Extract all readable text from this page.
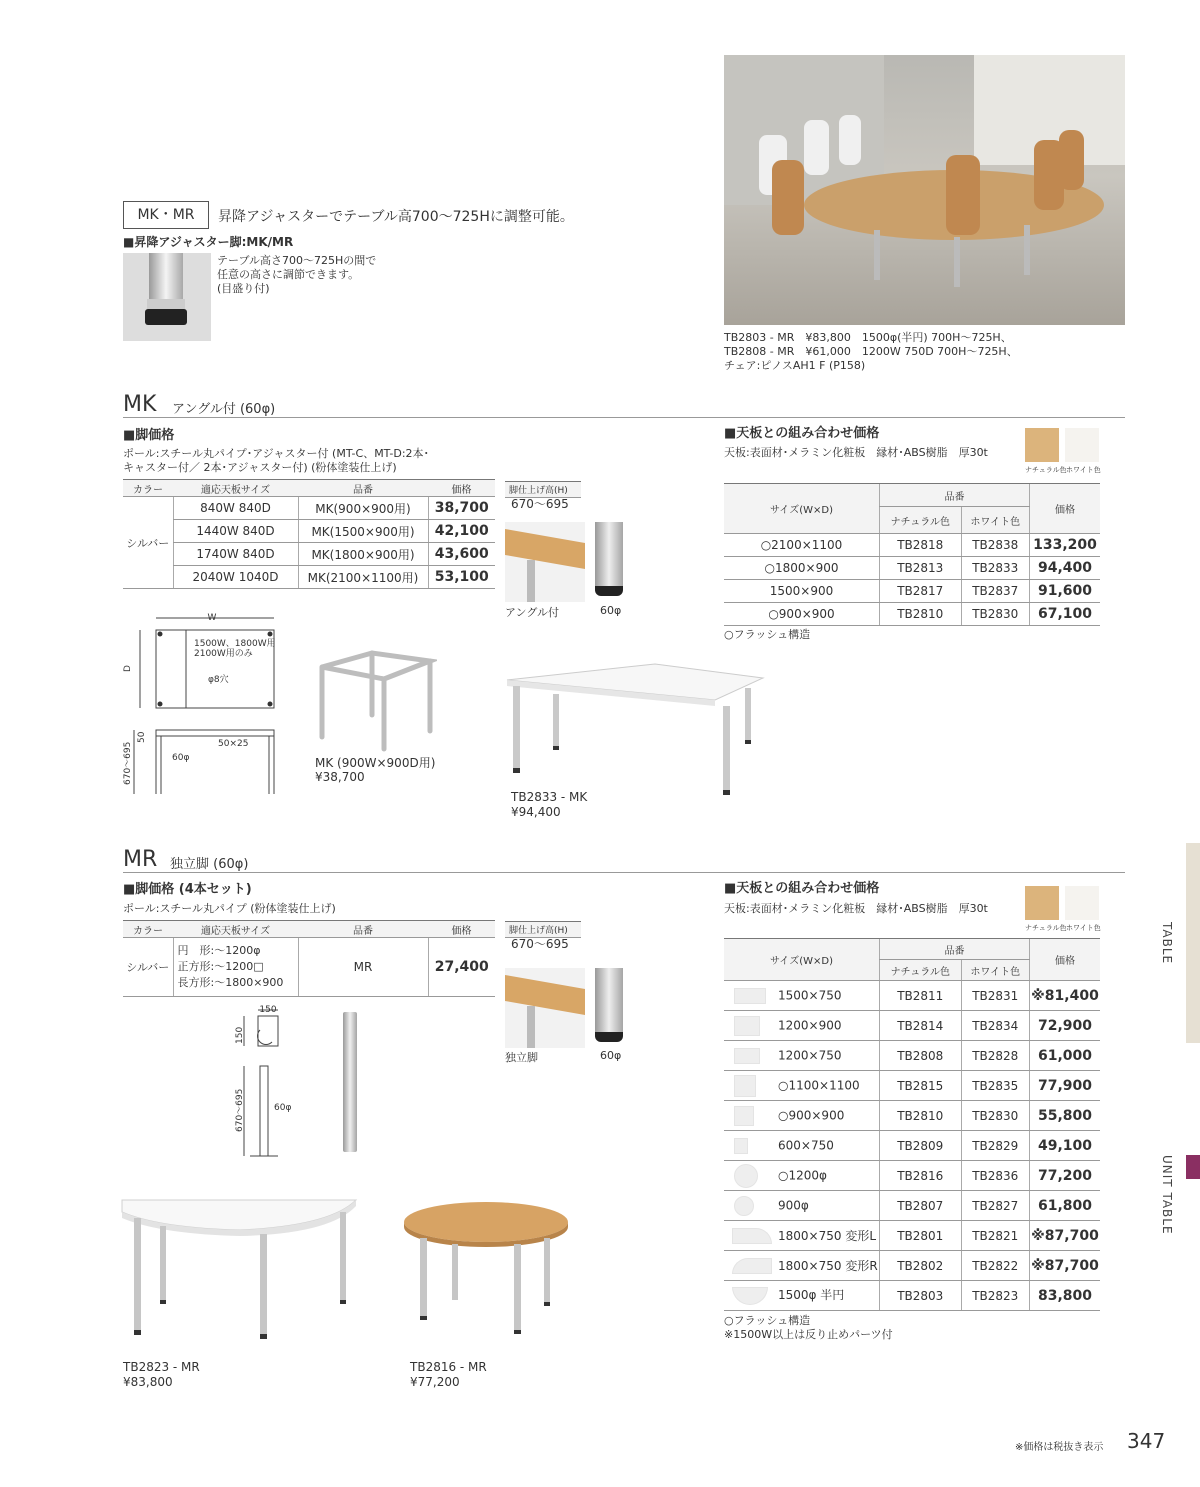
MK・MR	昇降アジャスターでテーブル高700～725Hに調整可能。
■昇降アジャスター脚:MK/MR
テーブル高さ700～725Hの間で
任意の高さに調節できます。
(目盛り付)
TB2803 - MR　¥83,800　1500φ(半円) 700H～725H、
TB2808 - MR　¥61,000　1200W 750D 700H～725H、
チェア:ピノスAH1 F (P158)
MK アングル付 (60φ)
■脚価格
ポール:スチール丸パイプ･アジャスター付 (MT-C、MT-D:2本･
キャスター付／ 2本･アジャスター付) (粉体塗装仕上げ)
カラー	適応天板サイズ	品番	価格
シルバー	840W 840D	MK(900×900用)	38,700
	1440W 840D	MK(1500×900用)	42,100
	1740W 840D	MK(1800×900用)	43,600
	2040W 1040D	MK(2100×1100用)	53,100
脚仕上げ高(H)
670～695
アングル付	60φ
W
D
1500W、1800W用
2100W用のみ
φ8穴
50×25
60φ
670～695
50
MK (900W×900D用)
¥38,700
TB2833 - MK
¥94,400
■天板との組み合わせ価格
天板:表面材･メラミン化粧板　縁材･ABS樹脂　厚30t
ナチュラル色 ホワイト色
サイズ(W×D)	品番		価格
	ナチュラル色	ホワイト色	
○2100×1100	TB2818	TB2838	133,200
○1800×900	TB2813	TB2833	94,400
1500×900	TB2817	TB2837	91,600
○900×900	TB2810	TB2830	67,100
○フラッシュ構造
MR 独立脚 (60φ)
■脚価格 (4本セット)
ポール:スチール丸パイプ (粉体塗装仕上げ)
カラー	適応天板サイズ	品番	価格
シルバー	円　形:～1200φ
正方形:～1200□
長方形:～1800×900	MR	27,400
脚仕上げ高(H)
670～695
独立脚	60φ
150
150
670～695	60φ
TB2823 - MR
¥83,800
TB2816 - MR
¥77,200
■天板との組み合わせ価格
天板:表面材･メラミン化粧板　縁材･ABS樹脂　厚30t
ナチュラル色 ホワイト色
サイズ(W×D)	品番		価格
	ナチュラル色	ホワイト色	
1500×750	TB2811	TB2831	※81,400
1200×900	TB2814	TB2834	72,900
1200×750	TB2808	TB2828	61,000
○1100×1100	TB2815	TB2835	77,900
○900×900	TB2810	TB2830	55,800
600×750	TB2809	TB2829	49,100
○1200φ	TB2816	TB2836	77,200
900φ	TB2807	TB2827	61,800
1800×750 変形L	TB2801	TB2821	※87,700
1800×750 変形R	TB2802	TB2822	※87,700
1500φ 半円	TB2803	TB2823	83,800
○フラッシュ構造
※1500W以上は反り止めパーツ付
TABLE
UNIT TABLE
※価格は税抜き表示 347
